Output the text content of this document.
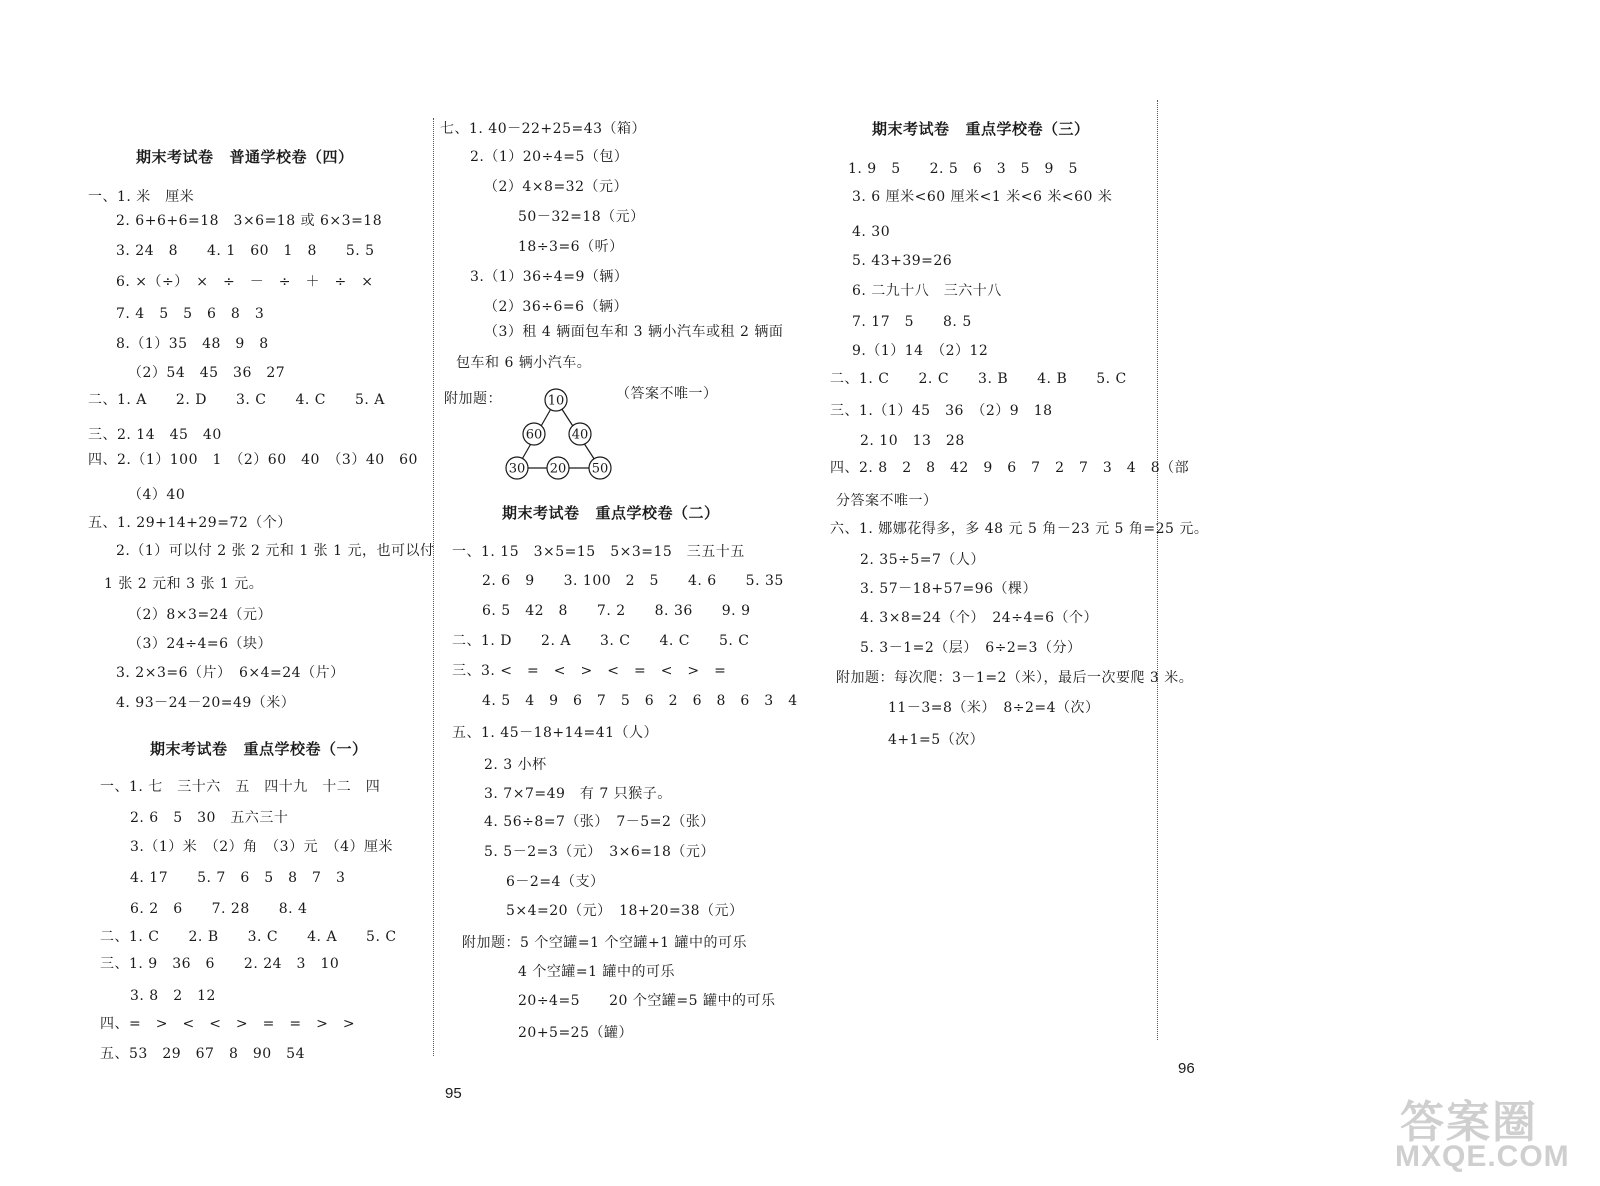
期末考试卷 普通学校卷（四）
一、1. 米　厘米
2. 6+6+6=18　3×6=18 或 6×3=18
3. 24　8　　4. 1　60　1　8　　5. 5
6. ×（÷）　×　÷　－　÷　＋　÷　×
7. 4　5　5　6　8　3
8.（1）35　48　9　8
（2）54　45　36　27
二、1. A　　2. D　　3. C　　4. C　　5. A
三、2. 14　45　40
四、2.（1）100　1　（2）60　40　（3）40　60
（4）40
五、1. 29+14+29=72（个）
2.（1）可以付 2 张 2 元和 1 张 1 元，也可以付
1 张 2 元和 3 张 1 元。
（2）8×3=24（元）
（3）24÷4=6（块）
3. 2×3=6（片）　6×4=24（片）
4. 93－24－20=49（米）
期末考试卷 重点学校卷（一）
一、1. 七　三十六　五　四十九　十二　四
2. 6　5　30　五六三十
3.（1）米　（2）角　（3）元　（4）厘米
4. 17　　5. 7　6　5　8　7　3
6. 2　6　　7. 28　　8. 4
二、1. C　　2. B　　3. C　　4. A　　5. C
三、1. 9　36　6　　2. 24　3　10
3. 8　2　12
四、=　>　<　<　>　=　=　>　>
五、53　29　67　8　90　54
七、1. 40－22+25=43（箱）
2.（1）20÷4=5（包）
（2）4×8=32（元）
50－32=18（元）
18÷3=6（听）
3.（1）36÷4=9（辆）
（2）36÷6=6（辆）
（3）租 4 辆面包车和 3 辆小汽车或租 2 辆面
包车和 6 辆小汽车。
附加题：	（答案不唯一）
10
60 40
30 20 50
期末考试卷 重点学校卷（二）
一、1. 15　3×5=15　5×3=15　三五十五
2. 6　9　　3. 100　2　5　　4. 6　　5. 35
6. 5　42　8　　7. 2　　8. 36　　9. 9
二、1. D　　2. A　　3. C　　4. C　　5. C
三、3. <　=　<　>　<　=　<　>　=
4. 5　4　9　6　7　5　6　2　6　8　6　3　4
五、1. 45－18+14=41（人）
2. 3 小杯
3. 7×7=49　有 7 只猴子。
4. 56÷8=7（张）　7－5=2（张）
5. 5－2=3（元）　3×6=18（元）
6－2=4（支）
5×4=20（元）　18+20=38（元）
附加题：5 个空罐=1 个空罐+1 罐中的可乐
4 个空罐=1 罐中的可乐
20÷4=5　　20 个空罐=5 罐中的可乐
20+5=25（罐）
期末考试卷 重点学校卷（三）
1. 9　5　　2. 5　6　3　5　9　5
3. 6 厘米<60 厘米<1 米<6 米<60 米
4. 30
5. 43+39=26
6. 二九十八　三六十八
7. 17　5　　8. 5
9.（1）14　（2）12
二、1. C　　2. C　　3. B　　4. B　　5. C
三、1.（1）45　36　（2）9　18
2. 10　13　28
四、2. 8　2　8　42　9　6　7　2　7　3　4　8（部
分答案不唯一）
六、1. 娜娜花得多，多 48 元 5 角－23 元 5 角=25 元。
2. 35÷5=7（人）
3. 57－18+57=96（棵）
4. 3×8=24（个）　24÷4=6（个）
5. 3－1=2（层）　6÷2=3（分）
附加题：每次爬：3－1=2（米），最后一次要爬 3 米。
11－3=8（米）　8÷2=4（次）
4+1=5（次）
95
96
答案圈
MXQE.COM
